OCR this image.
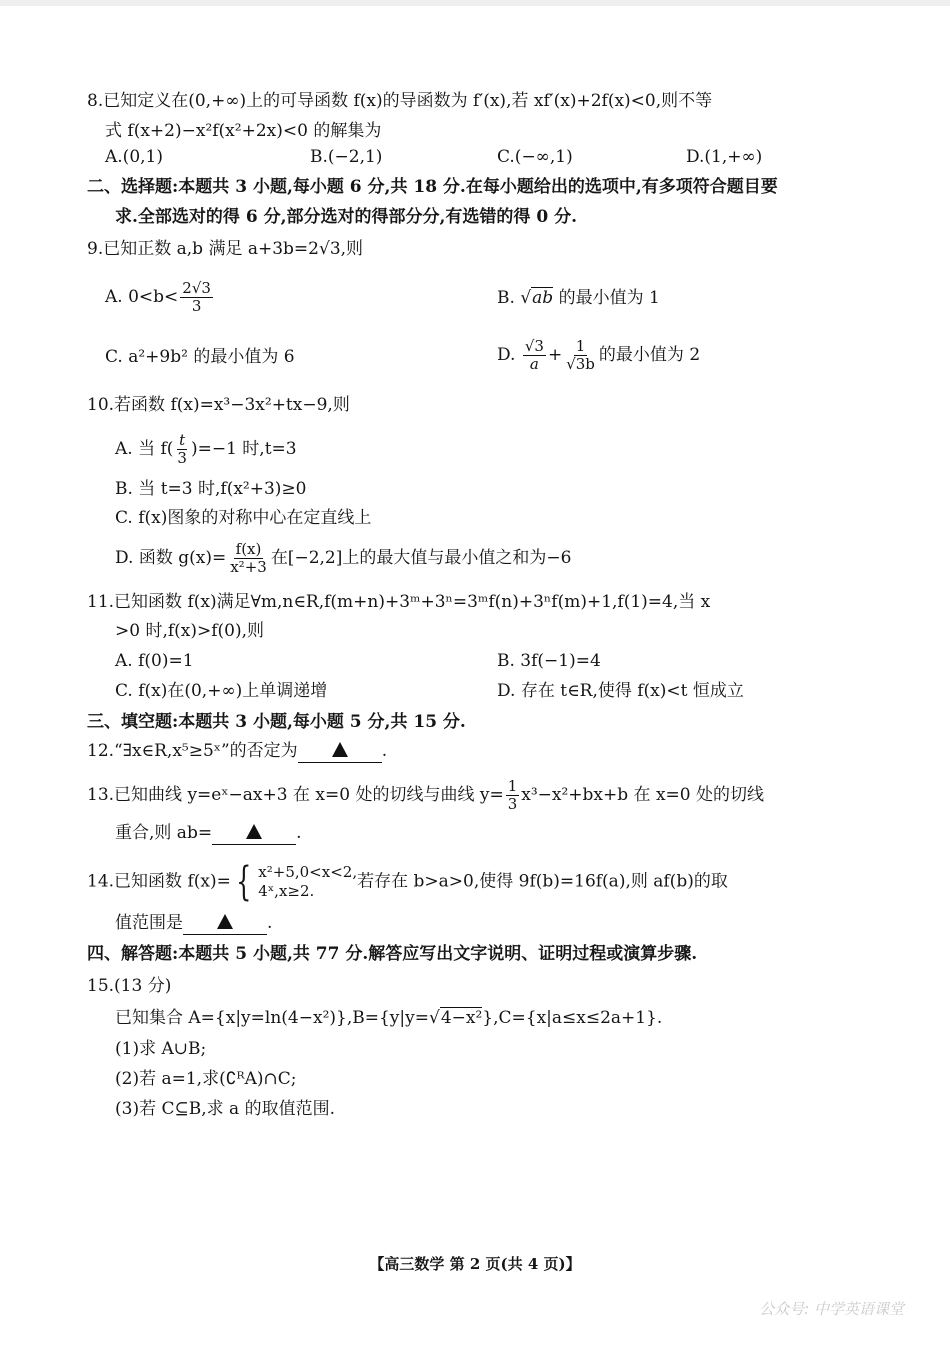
8.已知定义在(0,+∞)上的可导函数 f(x)的导函数为 f′(x),若 xf′(x)+2f(x)<0,则不等
式 f(x+2)−x²f(x²+2x)<0 的解集为
A.(0,1)	B.(−2,1)	C.(−∞,1)	D.(1,+∞)
二、选择题:本题共 3 小题,每小题 6 分,共 18 分.在每小题给出的选项中,有多项符合题目要
求.全部选对的得 6 分,部分选对的得部分分,有选错的得 0 分.
9.已知正数 a,b 满足 a+3b=2√3,则
A. $0<b< \frac{2√3}{3}$	B. √ab 的最小值为 1
C. a²+9b² 的最小值为 6	D. $\frac{√3}{a} + \frac{1}{√3b}$ 的最小值为 2
10.若函数 f(x)=x³−3x²+tx−9,则
A. 当 $f( \frac{t}{3} )=-1$ 时,t=3
B. 当 t=3 时,f(x²+3)≥0
C. f(x)图象的对称中心在定直线上
D. 函数 $g(x)= \frac{f(x)}{\text{x²+3}}$ 在[−2,2]上的最大值与最小值之和为−6
11.已知函数 f(x)满足∀m,n∈R,f(m+n)+3ᵐ+3ⁿ=3ᵐf(n)+3ⁿf(m)+1,f(1)=4,当 x
>0 时,f(x)>f(0),则
A. f(0)=1	B. 3f(−1)=4
C. f(x)在(0,+∞)上单调递增	D. 存在 t∈R,使得 f(x)<t 恒成立
三、填空题:本题共 3 小题,每小题 5 分,共 15 分.
12.“∃x∈R,x⁵≥5ˣ”的否定为	.
13.已知曲线 y=eˣ−ax+3 在 x=0 处的切线与曲线 $y= \frac{1}{3} x^3-x^2+bx+b$ 在 x=0 处的切线
重合,则 ab=	.
14.已知函数 f(x)= { x²+5,0<x<2,
4ˣ,x≥2.	若存在 b>a>0,使得 9f(b)=16f(a),则 af(b)的取
值范围是	.
四、解答题:本题共 5 小题,共 77 分.解答应写出文字说明、证明过程或演算步骤.
15.(13 分)
已知集合 A={x|y=ln(4−x²)},B={y|y=√4−x²},C={x|a≤x≤2a+1}.
(1)求 A∪B;
(2)若 a=1,求(∁ᴿA)∩C;
(3)若 C⊆B,求 a 的取值范围.
【高三数学 第 2 页(共 4 页)】
公众号: 中学英语课堂
